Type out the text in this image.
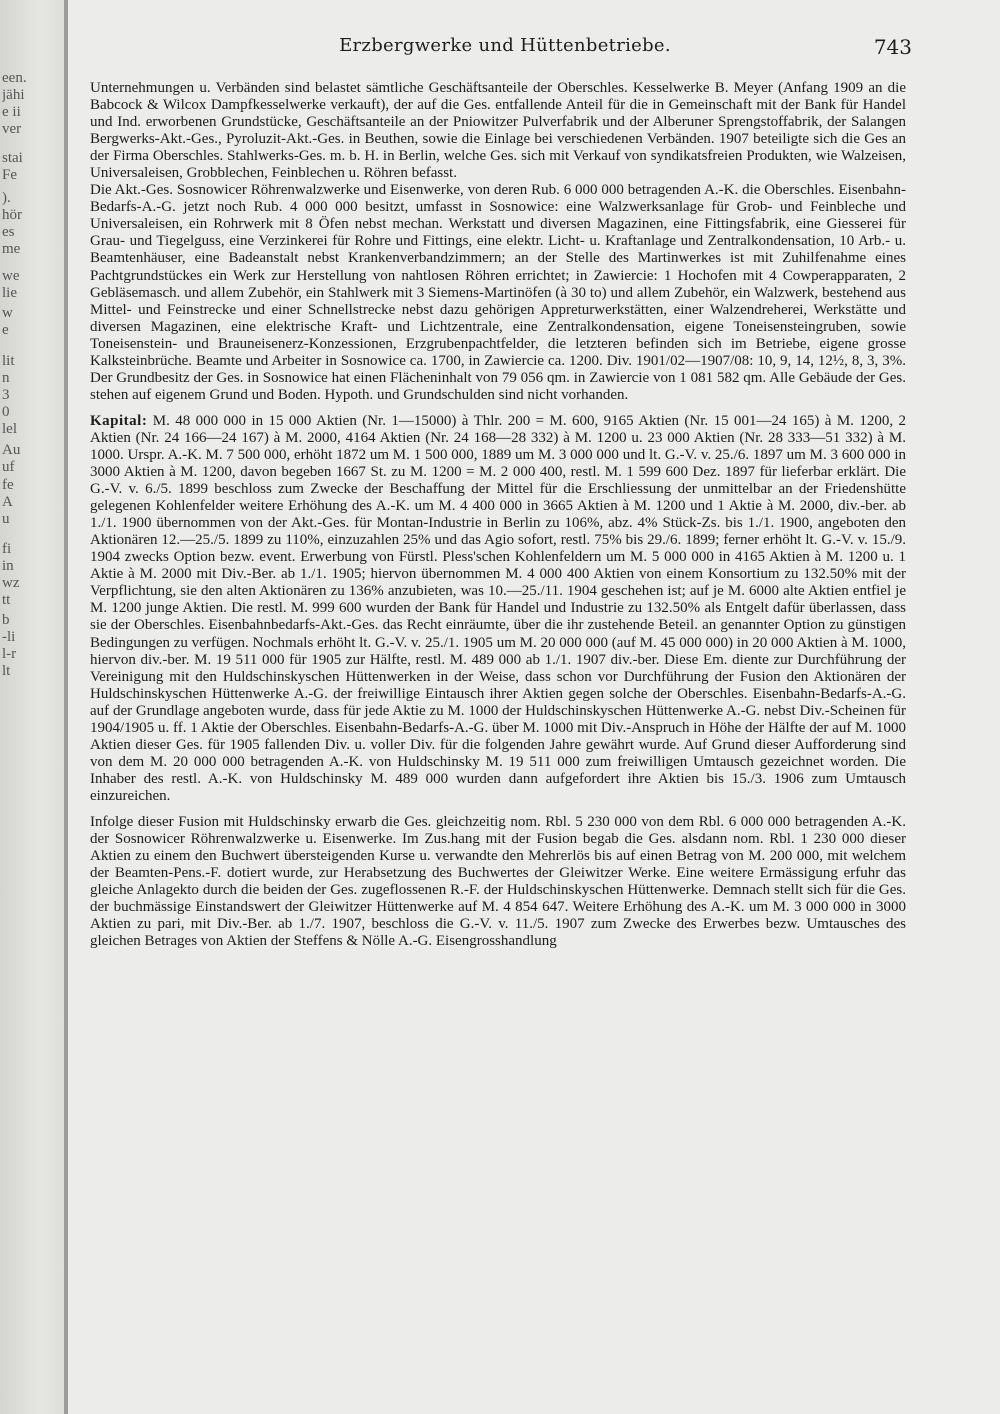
een.
jähi
e ii
ver
stai
Fe
).
hör
es
me
we
lie
w
e
lit
n
3
0
lel
Au
uf
fe
A
u
fi
in
wz
tt
b
-li
l-r
lt
Erzbergwerke und Hüttenbetriebe.	743

Unternehmungen u. Verbänden sind belastet sämtliche Geschäftsanteile der Oberschles. Kesselwerke B. Meyer (Anfang 1909 an die Babcock & Wilcox Dampfkesselwerke verkauft), der auf die Ges. entfallende Anteil für die in Gemeinschaft mit der Bank für Handel und Ind. erworbenen Grundstücke, Geschäftsanteile an der Pniowitzer Pulverfabrik und der Alberuner Sprengstoffabrik, der Salangen Bergwerks-Akt.-Ges., Pyroluzit-Akt.-Ges. in Beuthen, sowie die Einlage bei verschiedenen Verbänden. 1907 beteiligte sich die Ges an der Firma Oberschles. Stahlwerks-Ges. m. b. H. in Berlin, welche Ges. sich mit Verkauf von syndikatsfreien Produkten, wie Walzeisen, Universaleisen, Grobblechen, Feinblechen u. Röhren befasst.

Die Akt.-Ges. Sosnowicer Röhrenwalzwerke und Eisenwerke, von deren Rub. 6 000 000 betragenden A.-K. die Oberschles. Eisenbahn-Bedarfs-A.-G. jetzt noch Rub. 4 000 000 besitzt, umfasst in Sosnowice: eine Walzwerksanlage für Grob- und Feinbleche und Universaleisen, ein Rohrwerk mit 8 Öfen nebst mechan. Werkstatt und diversen Magazinen, eine Fittingsfabrik, eine Giesserei für Grau- und Tiegelguss, eine Verzinkerei für Rohre und Fittings, eine elektr. Licht- u. Kraftanlage und Zentralkondensation, 10 Arb.- u. Beamtenhäuser, eine Badeanstalt nebst Krankenverbandzimmern; an der Stelle des Martinwerkes ist mit Zuhilfenahme eines Pachtgrundstückes ein Werk zur Herstellung von nahtlosen Röhren errichtet; in Zawiercie: 1 Hochofen mit 4 Cowperapparaten, 2 Gebläsemasch. und allem Zubehör, ein Stahlwerk mit 3 Siemens-Martinöfen (à 30 to) und allem Zubehör, ein Walzwerk, bestehend aus Mittel- und Feinstrecke und einer Schnellstrecke nebst dazu gehörigen Appreturwerkstätten, einer Walzendreherei, Werkstätte und diversen Magazinen, eine elektrische Kraft- und Lichtzentrale, eine Zentralkondensation, eigene Toneisensteingruben, sowie Toneisenstein- und Brauneisenerz-Konzessionen, Erzgrubenpachtfelder, die letzteren befinden sich im Betriebe, eigene grosse Kalksteinbrüche. Beamte und Arbeiter in Sosnowice ca. 1700, in Zawiercie ca. 1200. Div. 1901/02—1907/08: 10, 9, 14, 12½, 8, 3, 3%. Der Grundbesitz der Ges. in Sosnowice hat einen Flächeninhalt von 79 056 qm. in Zawiercie von 1 081 582 qm. Alle Gebäude der Ges. stehen auf eigenem Grund und Boden. Hypoth. und Grundschulden sind nicht vorhanden.

Kapital: M. 48 000 000 in 15 000 Aktien (Nr. 1—15000) à Thlr. 200 = M. 600, 9165 Aktien (Nr. 15 001—24 165) à M. 1200, 2 Aktien (Nr. 24 166—24 167) à M. 2000, 4164 Aktien (Nr. 24 168—28 332) à M. 1200 u. 23 000 Aktien (Nr. 28 333—51 332) à M. 1000. Urspr. A.-K. M. 7 500 000, erhöht 1872 um M. 1 500 000, 1889 um M. 3 000 000 und lt. G.-V. v. 25./6. 1897 um M. 3 600 000 in 3000 Aktien à M. 1200, davon begeben 1667 St. zu M. 1200 = M. 2 000 400, restl. M. 1 599 600 Dez. 1897 für lieferbar erklärt. Die G.-V. v. 6./5. 1899 beschloss zum Zwecke der Beschaffung der Mittel für die Erschliessung der unmittelbar an der Friedenshütte gelegenen Kohlenfelder weitere Erhöhung des A.-K. um M. 4 400 000 in 3665 Aktien à M. 1200 und 1 Aktie à M. 2000, div.-ber. ab 1./1. 1900 übernommen von der Akt.-Ges. für Montan-Industrie in Berlin zu 106%, abz. 4% Stück-Zs. bis 1./1. 1900, angeboten den Aktionären 12.—25./5. 1899 zu 110%, einzuzahlen 25% und das Agio sofort, restl. 75% bis 29./6. 1899; ferner erhöht lt. G.-V. v. 15./9. 1904 zwecks Option bezw. event. Erwerbung von Fürstl. Pless'schen Kohlenfeldern um M. 5 000 000 in 4165 Aktien à M. 1200 u. 1 Aktie à M. 2000 mit Div.-Ber. ab 1./1. 1905; hiervon übernommen M. 4 000 400 Aktien von einem Konsortium zu 132.50% mit der Verpflichtung, sie den alten Aktionären zu 136% anzubieten, was 10.—25./11. 1904 geschehen ist; auf je M. 6000 alte Aktien entfiel je M. 1200 junge Aktien. Die restl. M. 999 600 wurden der Bank für Handel und Industrie zu 132.50% als Entgelt dafür überlassen, dass sie der Oberschles. Eisenbahnbedarfs-Akt.-Ges. das Recht einräumte, über die ihr zustehende Beteil. an genannter Option zu günstigen Bedingungen zu verfügen. Nochmals erhöht lt. G.-V. v. 25./1. 1905 um M. 20 000 000 (auf M. 45 000 000) in 20 000 Aktien à M. 1000, hiervon div.-ber. M. 19 511 000 für 1905 zur Hälfte, restl. M. 489 000 ab 1./1. 1907 div.-ber. Diese Em. diente zur Durchführung der Vereinigung mit den Huldschinskyschen Hüttenwerken in der Weise, dass schon vor Durchführung der Fusion den Aktionären der Huldschinskyschen Hüttenwerke A.-G. der freiwillige Eintausch ihrer Aktien gegen solche der Oberschles. Eisenbahn-Bedarfs-A.-G. auf der Grundlage angeboten wurde, dass für jede Aktie zu M. 1000 der Huldschinskyschen Hüttenwerke A.-G. nebst Div.-Scheinen für 1904/1905 u. ff. 1 Aktie der Oberschles. Eisenbahn-Bedarfs-A.-G. über M. 1000 mit Div.-Anspruch in Höhe der Hälfte der auf M. 1000 Aktien dieser Ges. für 1905 fallenden Div. u. voller Div. für die folgenden Jahre gewährt wurde. Auf Grund dieser Aufforderung sind von dem M. 20 000 000 betragenden A.-K. von Huldschinsky M. 19 511 000 zum freiwilligen Umtausch gezeichnet worden. Die Inhaber des restl. A.-K. von Huldschinsky M. 489 000 wurden dann aufgefordert ihre Aktien bis 15./3. 1906 zum Umtausch einzureichen.

Infolge dieser Fusion mit Huldschinsky erwarb die Ges. gleichzeitig nom. Rbl. 5 230 000 von dem Rbl. 6 000 000 betragenden A.-K. der Sosnowicer Röhrenwalzwerke u. Eisenwerke. Im Zus.hang mit der Fusion begab die Ges. alsdann nom. Rbl. 1 230 000 dieser Aktien zu einem den Buchwert übersteigenden Kurse u. verwandte den Mehrerlös bis auf einen Betrag von M. 200 000, mit welchem der Beamten-Pens.-F. dotiert wurde, zur Herabsetzung des Buchwertes der Gleiwitzer Werke. Eine weitere Ermässigung erfuhr das gleiche Anlagekto durch die beiden der Ges. zugeflossenen R.-F. der Huldschinskyschen Hüttenwerke. Demnach stellt sich für die Ges. der buchmässige Einstandswert der Gleiwitzer Hüttenwerke auf M. 4 854 647. Weitere Erhöhung des A.-K. um M. 3 000 000 in 3000 Aktien zu pari, mit Div.-Ber. ab 1./7. 1907, beschloss die G.-V. v. 11./5. 1907 zum Zwecke des Erwerbes bezw. Umtausches des gleichen Betrages von Aktien der Steffens & Nölle A.-G. Eisengrosshandlung
